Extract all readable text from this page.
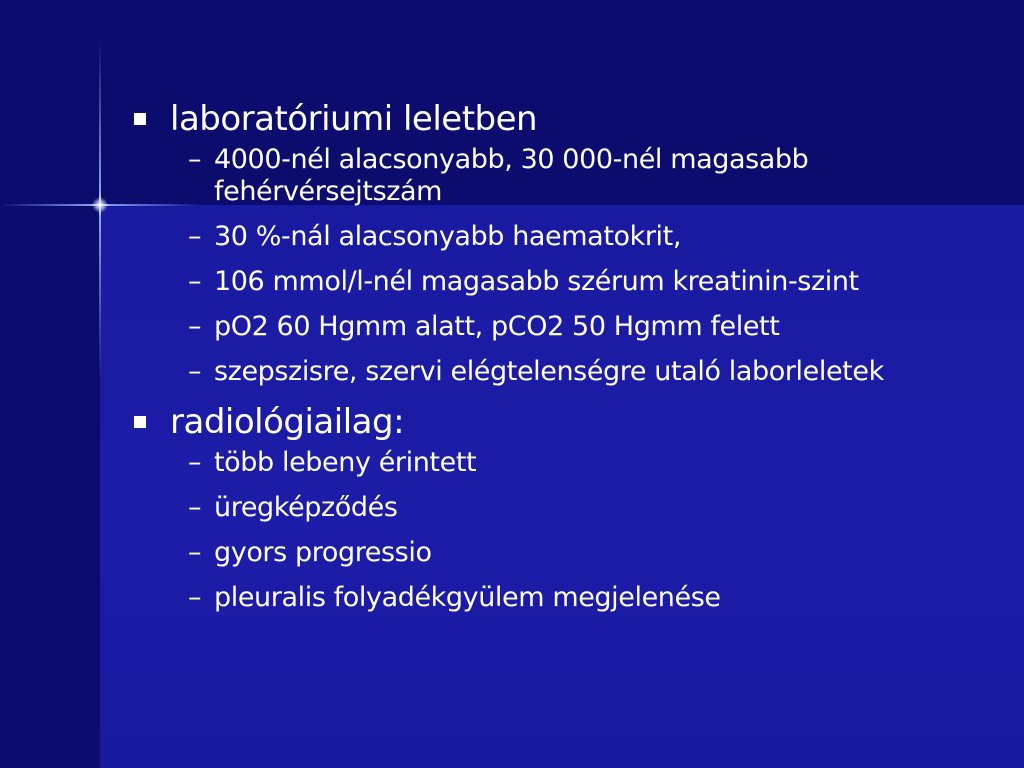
laboratóriumi leletben
– 4000-nél alacsonyabb, 30 000-nél magasabb fehérvérsejtszám
– 30 %-nál alacsonyabb haematokrit,
– 106 mmol/l-nél magasabb szérum kreatinin-szint
– pO2 60 Hgmm alatt, pCO2 50 Hgmm felett
– szepszisre, szervi elégtelenségre utaló laborleletek
radiológiailag:
– több lebeny érintett
– üregképződés
– gyors progressio
– pleuralis folyadékgyülem megjelenése
